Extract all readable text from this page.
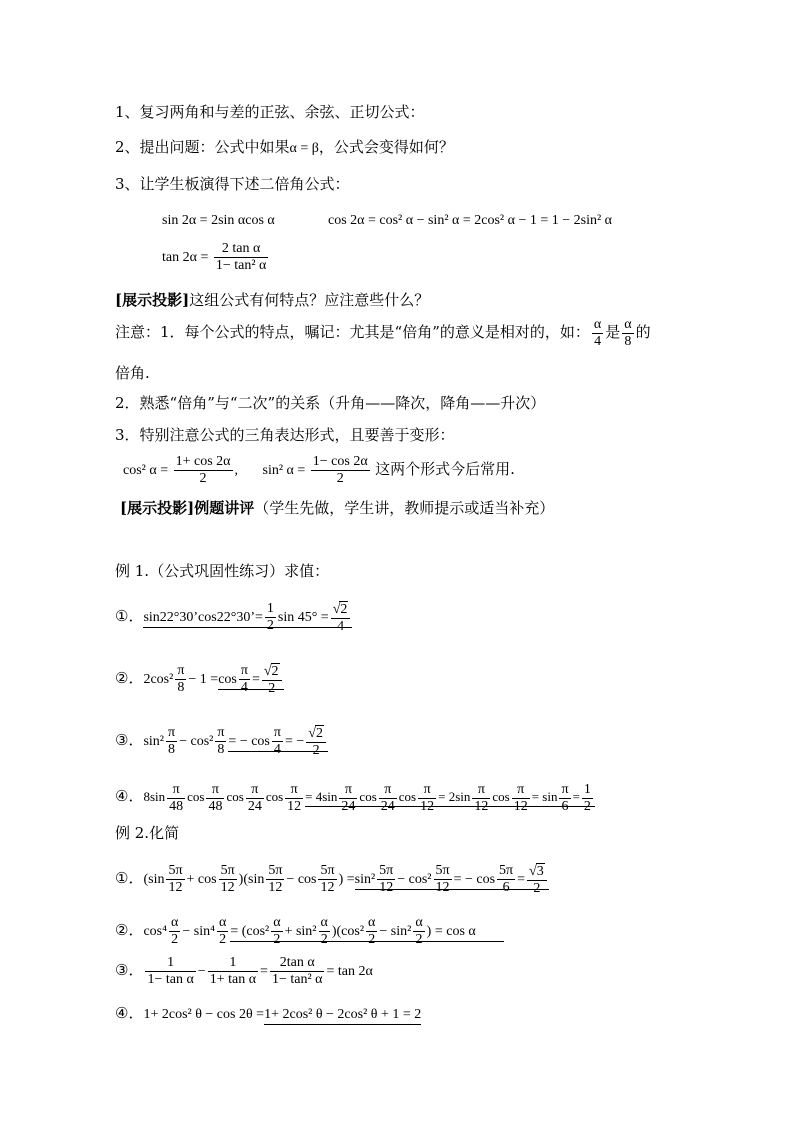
1、复习两角和与差的正弦、余弦、正切公式：
2、提出问题：公式中如果α = β，公式会变得如何？
3、让学生板演得下述二倍角公式：
sin 2α = 2sin αcos α	cos 2α = cos² α − sin² α = 2cos² α − 1 = 1 − 2sin² α
$\tan 2\alpha = \frac{\text{2 tan α}}{\text{1− tan² α}}$
[展示投影]这组公式有何特点？应注意些什么？
注意：1．每个公式的特点，嘱记：尤其是“倍角”的意义是相对的，如： $\frac{\alpha}{4}$ 是 $\frac{\alpha}{8}$ 的
倍角.
2．熟悉“倍角”与“二次”的关系（升角——降次，降角——升次）
3．特别注意公式的三角表达形式，且要善于变形：
cos² $\alpha = \frac{1+ \cos 2\alpha}{2}$ ,       sin² $\alpha = \frac{1- \cos 2\alpha}{2}$ 这两个形式今后常用.
[展示投影]例题讲评（学生先做，学生讲，教师提示或适当补充）
例 1.（公式巩固性练习）求值：
①．sin22°30’cos22°30’= $\frac{1}{2}$ $\sin 45^\circ = \frac{√2}{4}$
②．$2\cos^2 \frac{\pi}{8} - 1 =\cos \frac{\pi}{4} = \frac{√2}{2}$
③．$\sin^2 \frac{\pi}{8} - \cos^2 \frac{\pi}{8}$ = − $\cos \frac{\pi}{4}$ = − $\frac{√2}{2}$
④．$8\sin \frac{\pi}{48}$ $\cos \frac{\pi}{48}$ $\cos \frac{\pi}{24}$ $\cos \frac{\pi}{12} = 4\sin \frac{\pi}{24}$ $\cos \frac{\pi}{24}$ $\cos \frac{\pi}{12} = 2\sin \frac{\pi}{12}$ $\cos \frac{\pi}{12} = \sin \frac{\pi}{6} = \frac{1}{2}$
例 2.化简
①．$(\sin \frac{5\pi}{12} + \cos \frac{5\pi}{12} )(\sin \frac{5\pi}{12} - \cos \frac{5\pi}{12}$ ) $=\sin^2 \frac{5\pi}{12} - \cos^2 \frac{5\pi}{12}$ = − $\cos \frac{5\pi}{6} = \frac{√3}{2}$
②．$\cos^4 \frac{\alpha}{2} - \sin^4 \frac{\alpha}{2} = (\cos^2 \frac{\alpha}{2} + \sin^2 \frac{\alpha}{2} )(\cos^2 \frac{\alpha}{2} - \sin^2 \frac{\alpha}{2}$ ) = cos α
③． $\frac{1}{\text{1− tan α}} - \frac{1}{\text{1+ tan α}} = \frac{\text{2tan α}}{\text{1− tan² α}} = \tan 2\alpha$
④．1+ 2cos² θ − cos 2θ =1+ 2cos² θ − 2cos² θ + 1 = 2
